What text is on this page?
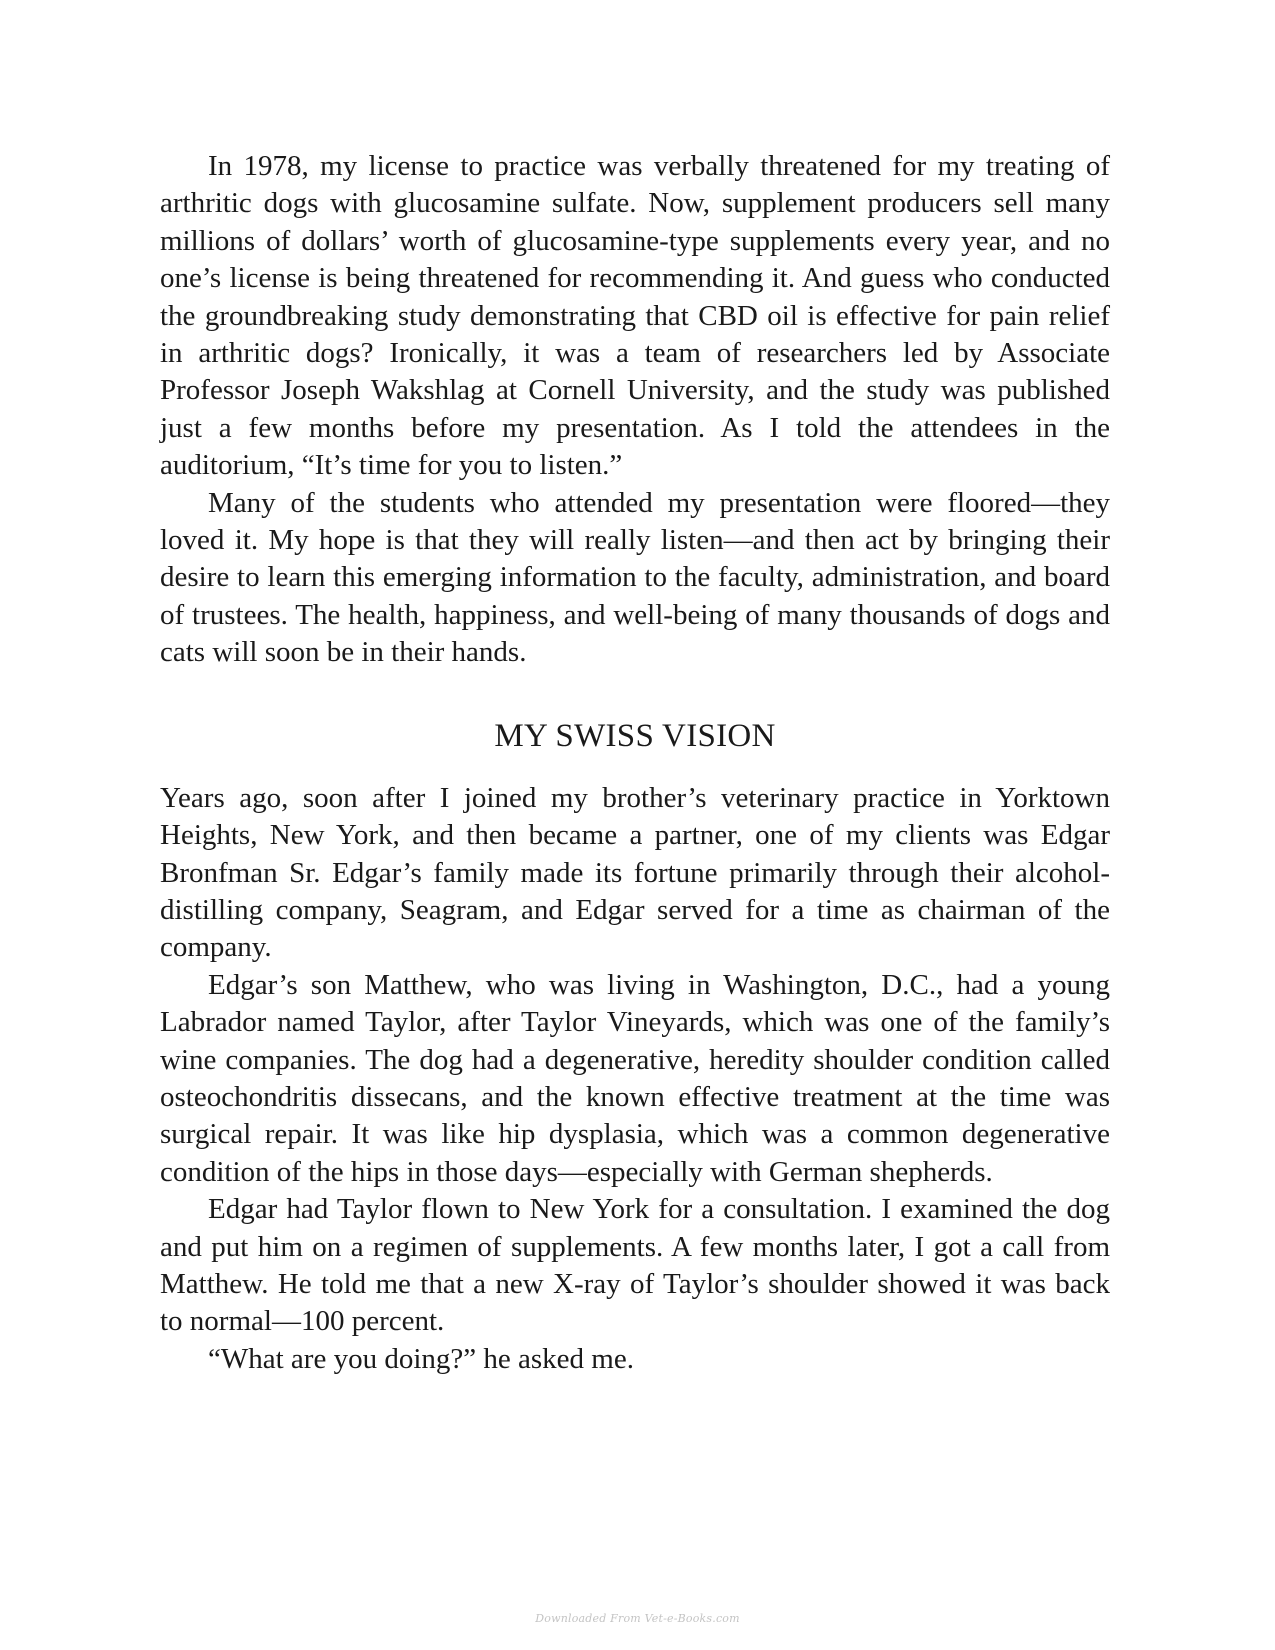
In 1978, my license to practice was verbally threatened for my treating of arthritic dogs with glucosamine sulfate. Now, supplement producers sell many millions of dollars’ worth of glucosamine-type supplements every year, and no one’s license is being threatened for recommending it. And guess who conducted the groundbreaking study demonstrating that CBD oil is effective for pain relief in arthritic dogs? Ironically, it was a team of researchers led by Associate Professor Joseph Wakshlag at Cornell University, and the study was published just a few months before my presentation. As I told the attendees in the auditorium, “It’s time for you to listen.”

Many of the students who attended my presentation were floored—they loved it. My hope is that they will really listen—and then act by bringing their desire to learn this emerging information to the faculty, administration, and board of trustees. The health, happiness, and well-being of many thousands of dogs and cats will soon be in their hands.

MY SWISS VISION

Years ago, soon after I joined my brother’s veterinary practice in Yorktown Heights, New York, and then became a partner, one of my clients was Edgar Bronfman Sr. Edgar’s family made its fortune primarily through their alcohol-distilling company, Seagram, and Edgar served for a time as chairman of the company.

Edgar’s son Matthew, who was living in Washington, D.C., had a young Labrador named Taylor, after Taylor Vineyards, which was one of the family’s wine companies. The dog had a degenerative, heredity shoulder condition called osteochondritis dissecans, and the known effective treatment at the time was surgical repair. It was like hip dysplasia, which was a common degenerative condition of the hips in those days—especially with German shepherds.

Edgar had Taylor flown to New York for a consultation. I examined the dog and put him on a regimen of supplements. A few months later, I got a call from Matthew. He told me that a new X-ray of Taylor’s shoulder showed it was back to normal—100 percent.

“What are you doing?” he asked me.

Downloaded From Vet-e-Books.com
